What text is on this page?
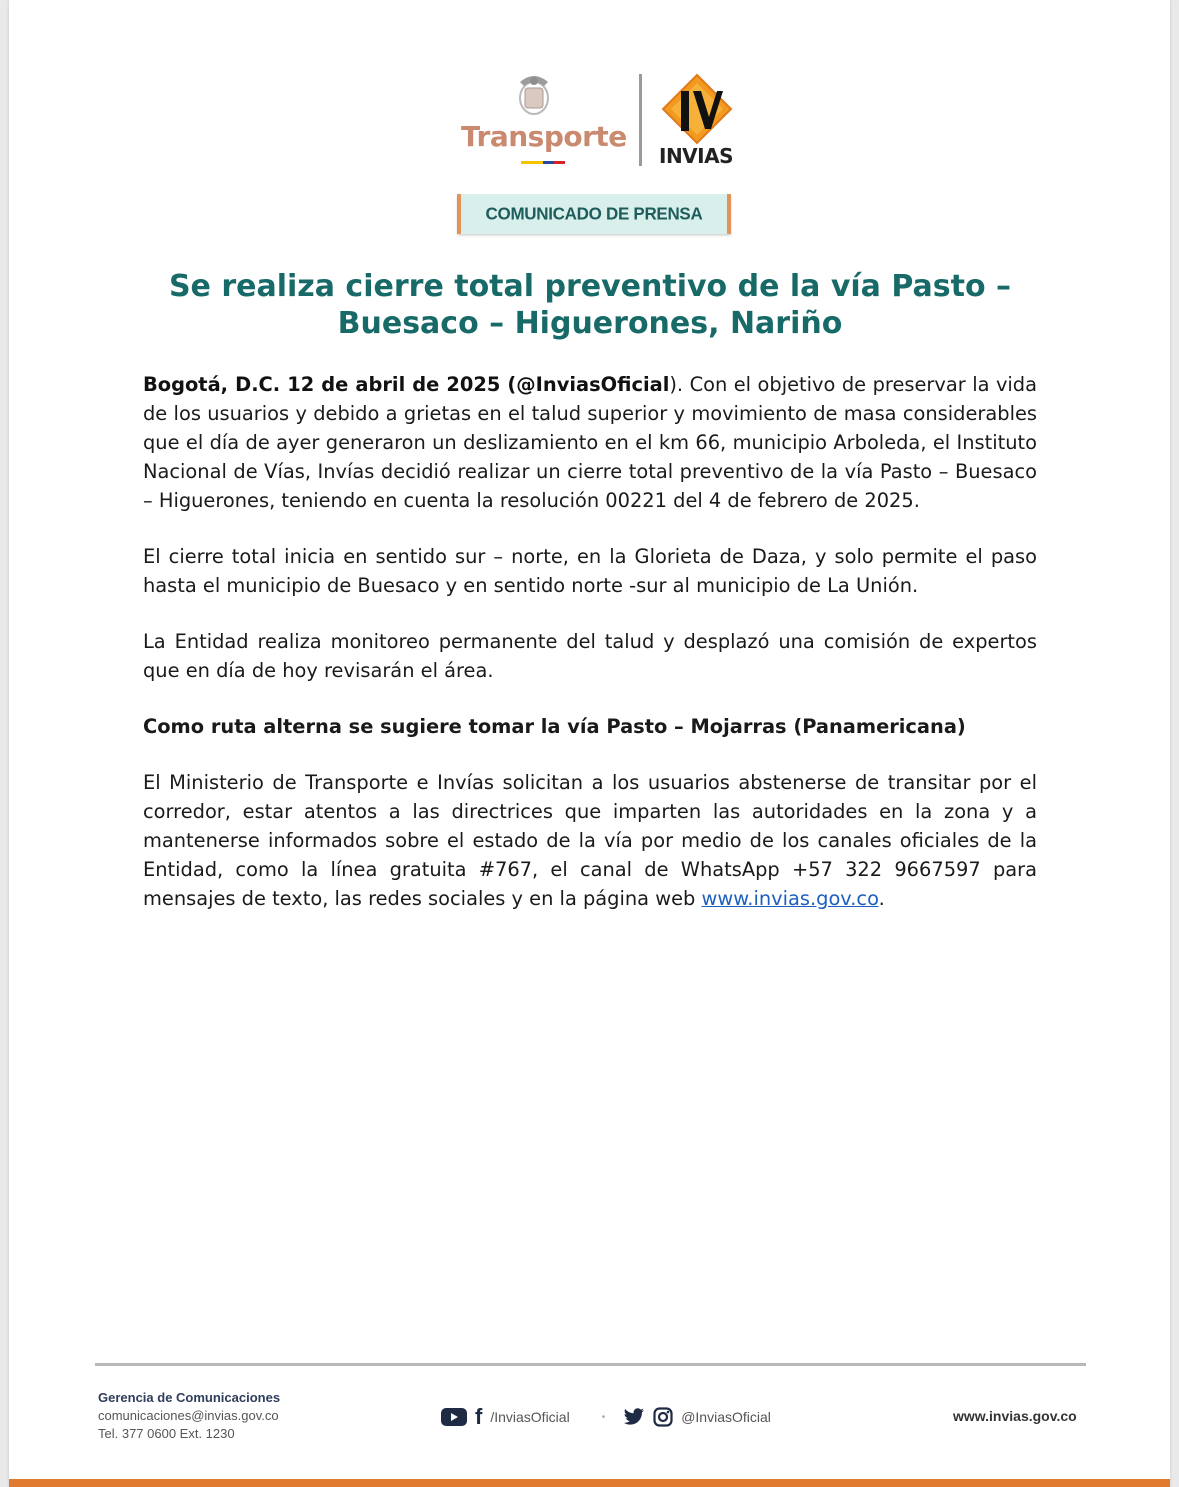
Transporte
INVIAS
COMUNICADO DE PRENSA
Se realiza cierre total preventivo de la vía Pasto –
Buesaco – Higuerones, Nariño

Bogotá, D.C. 12 de abril de 2025 (@InviasOficial). Con el objetivo de preservar la vida de los usuarios y debido a grietas en el talud superior y movimiento de masa considerables que el día de ayer generaron un deslizamiento en el km 66, municipio Arboleda, el Instituto Nacional de Vías, Invías decidió realizar un cierre total preventivo de la vía Pasto – Buesaco – Higuerones, teniendo en cuenta la resolución 00221 del 4 de febrero de 2025.

El cierre total inicia en sentido sur – norte, en la Glorieta de Daza, y solo permite el paso hasta el municipio de Buesaco y en sentido norte -sur al municipio de La Unión.

La Entidad realiza monitoreo permanente del talud y desplazó una comisión de expertos que en día de hoy revisarán el área.

Como ruta alterna se sugiere tomar la vía Pasto – Mojarras (Panamericana)

El Ministerio de Transporte e Invías solicitan a los usuarios abstenerse de transitar por el corredor, estar atentos a las directrices que imparten las autoridades en la zona y a mantenerse informados sobre el estado de la vía por medio de los canales oficiales de la Entidad, como la línea gratuita #767, el canal de WhatsApp +57 322 9667597 para mensajes de texto, las redes sociales y en la página web www.invias.gov.co.

Gerencia de Comunicaciones
comunicaciones@invias.gov.co
Tel. 377 0600 Ext. 1230
f /InviasOficial	•	@InviasOficial	www.invias.gov.co
